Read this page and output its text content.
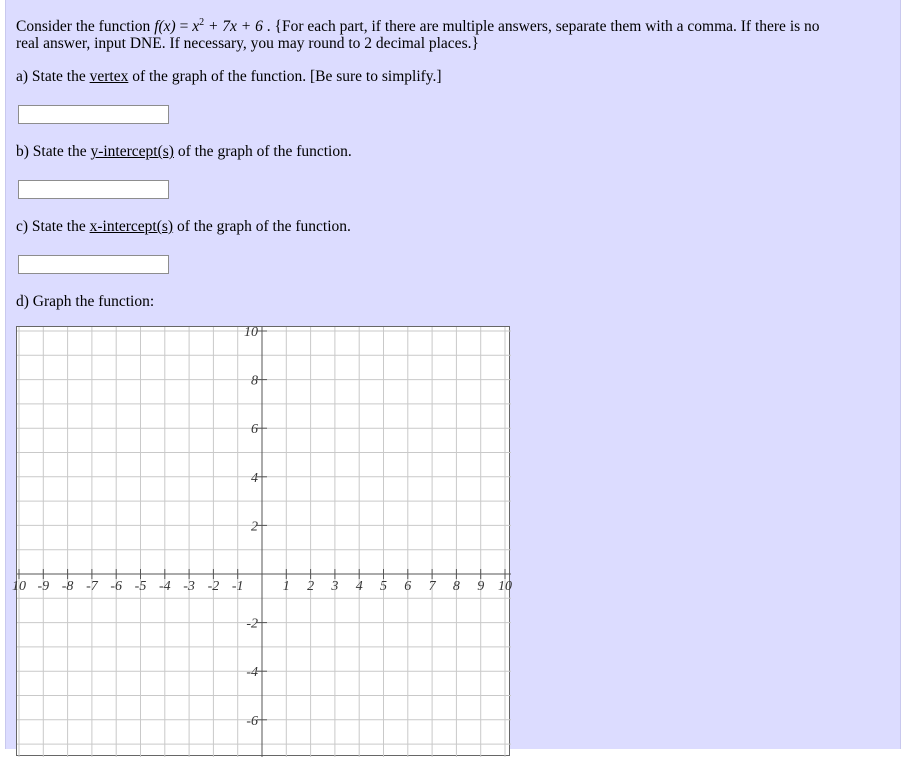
Consider the function $f(x) = x^2 + 7x + 6$ . {For each part, if there are multiple answers, separate them with a comma. If there is no
real answer, input DNE. If necessary, you may round to 2 decimal places.}
a) State the vertex of the graph of the function. [Be sure to simplify.]
b) State the y-intercept(s) of the graph of the function.
c) State the x-intercept(s) of the graph of the function.
d) Graph the function:
10 -9 -8 -7 -6 -5 -4 -3 -2 -1	1 2 3 4 5 6 7 8 9 10
10
8
6
4
2
-2
-4
-6
